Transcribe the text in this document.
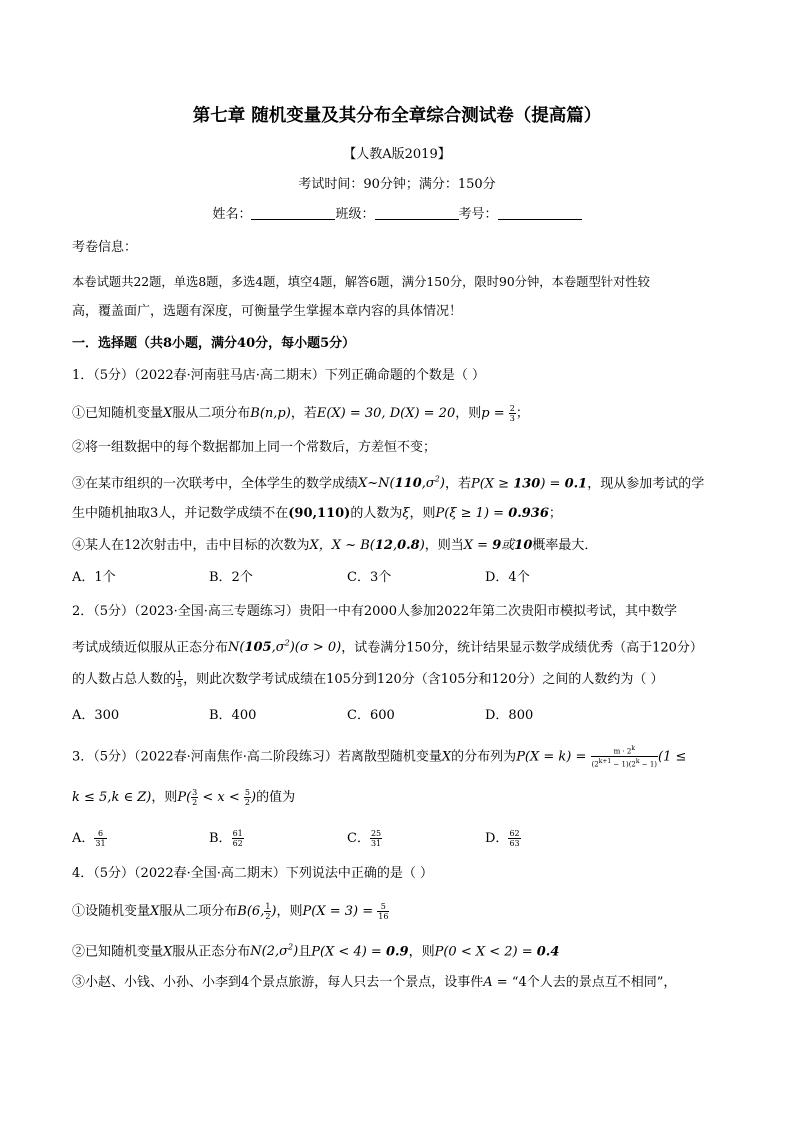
第七章 随机变量及其分布全章综合测试卷（提高篇）
【人教A版2019】
考试时间：90分钟；满分：150分
姓名：	班级：	考号：
考卷信息：
本卷试题共22题，单选8题，多选4题，填空4题，解答6题，满分150分，限时90分钟，本卷题型针对性较
高，覆盖面广，选题有深度，可衡量学生掌握本章内容的具体情况！
一．选择题（共8小题，满分40分，每小题5分）
1．（5分）（2022春·河南驻马店·高二期末）下列正确命题的个数是（ ）
①已知随机变量X服从二项分布B(n,p)，若E(X) = 30, D(X) = 20，则$p = \frac{2}{3}$ ；
②将一组数据中的每个数据都加上同一个常数后，方差恒不变；
③在某市组织的一次联考中，全体学生的数学成绩$X\sim N(110,\sigma^2)$，若P(X ≥ 130) = 0.1，现从参加考试的学
生中随机抽取3人，并记数学成绩不在(90,110)的人数为ξ，则P(ξ ≥ 1) = 0.936；
④某人在12次射击中，击中目标的次数为X，X ~ B(12,0.8)，则当X = 9或10概率最大．
A．1个	B．2个	C．3个	D．4个
2．（5分）（2023·全国·高三专题练习）贵阳一中有2000人参加2022年第二次贵阳市模拟考试，其中数学
考试成绩近似服从正态分布$N(105,\sigma^2)(\sigma > 0)$，试卷满分150分，统计结果显示数学成绩优秀（高于120分）
的人数占总人数的 $\frac{1}{5}$ ，则此次数学考试成绩在105分到120分（含105分和120分）之间的人数约为（ ）
A．300	B．400	C．600	D．800
3．（5分）（2022春·河南焦作·高二阶段练习）若离散型随机变量X的分布列为$P(X = k) = \frac{m \cdot 2k}{(2k+1 - 1)(2k - 1)} (1$ ≤
k ≤ 5,k ∈ Z)，则$P( \frac{3}{2} < x < \frac{5}{2}$ )的值为
A． $\frac{6}{31}$	B． $\frac{61}{62}$	C． $\frac{25}{31}$	D． $\frac{62}{63}$
4．（5分）（2022春·全国·高二期末）下列说法中正确的是（ ）
①设随机变量X服从二项分布B(6, $\frac{1}{2}$ )，则$P(X = 3) = \frac{5}{16}$
②已知随机变量X服从正态分布$N(2,\sigma^2)$且P(X < 4) = 0.9，则P(0 < X < 2) = 0.4
③小赵、小钱、小孙、小李到4个景点旅游，每人只去一个景点，设事件A = “4个人去的景点互不相同”，
